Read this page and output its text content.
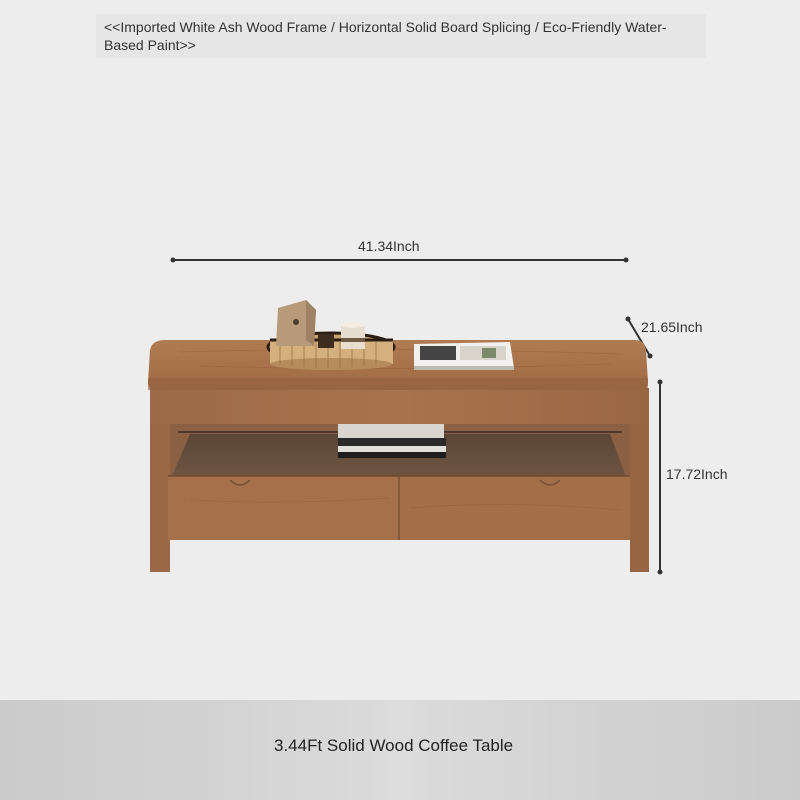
<<Imported White Ash Wood Frame / Horizontal Solid Board Splicing / Eco-Friendly Water-Based Paint>>
41.34Inch
21.65Inch
17.72Inch
3.44Ft Solid Wood Coffee Table
